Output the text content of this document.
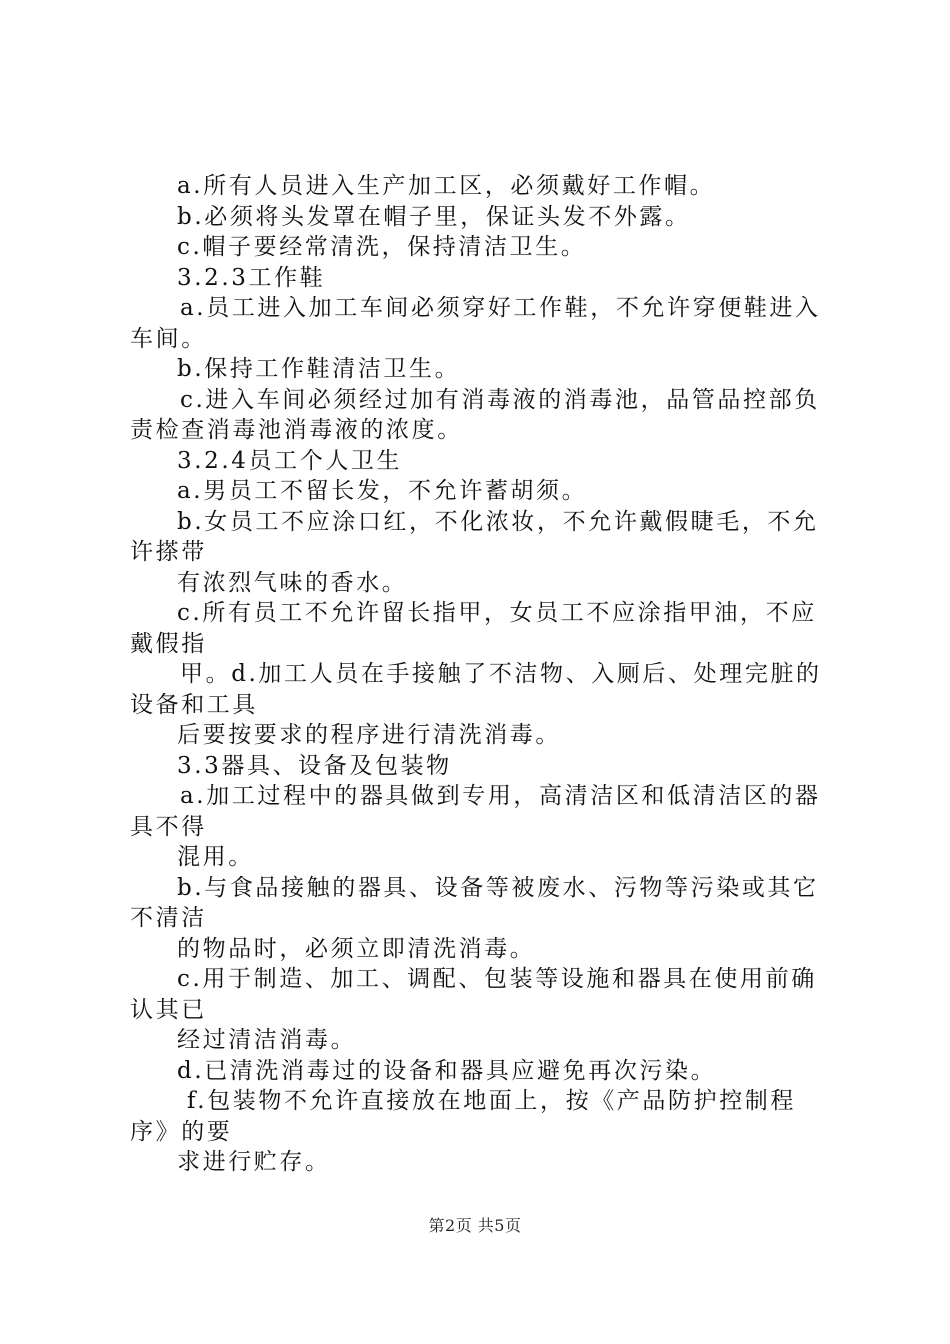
a.所有人员进入生产加工区，必须戴好工作帽。
b.必须将头发罩在帽子里，保证头发不外露。
c.帽子要经常清洗，保持清洁卫生。
3.2.3工作鞋
a.员工进入加工车间必须穿好工作鞋，不允许穿便鞋进入
车间。
b.保持工作鞋清洁卫生。
c.进入车间必须经过加有消毒液的消毒池，品管品控部负
责检查消毒池消毒液的浓度。
3.2.4员工个人卫生
a.男员工不留长发，不允许蓄胡须。
b.女员工不应涂口红，不化浓妆，不允许戴假睫毛，不允
许搽带
有浓烈气味的香水。
c.所有员工不允许留长指甲，女员工不应涂指甲油，不应
戴假指
甲。d.加工人员在手接触了不洁物、入厕后、处理完脏的
设备和工具
后要按要求的程序进行清洗消毒。
3.3器具、设备及包装物
a.加工过程中的器具做到专用，高清洁区和低清洁区的器
具不得
混用。
b.与食品接触的器具、设备等被废水、污物等污染或其它
不清洁
的物品时，必须立即清洗消毒。
c.用于制造、加工、调配、包装等设施和器具在使用前确
认其已
经过清洁消毒。
d.已清洗消毒过的设备和器具应避免再次污染。
f.包装物不允许直接放在地面上，按《产品防护控制程
序》的要
求进行贮存。
第2页 共5页
